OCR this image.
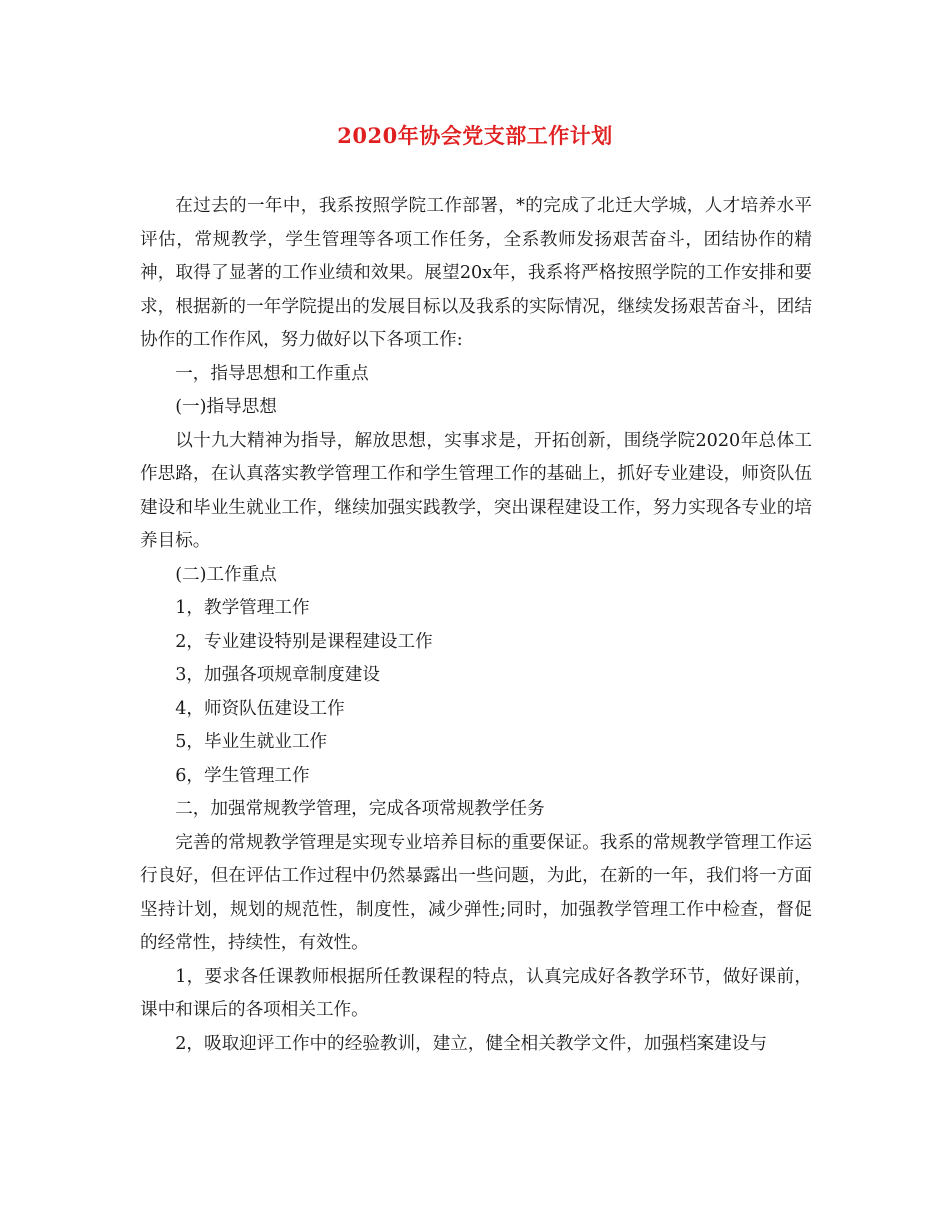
2020年协会党支部工作计划

在过去的一年中，我系按照学院工作部署，*的完成了北迁大学城，人才培养水平评估，常规教学，学生管理等各项工作任务，全系教师发扬艰苦奋斗，团结协作的精神，取得了显著的工作业绩和效果。展望20x年，我系将严格按照学院的工作安排和要求，根据新的一年学院提出的发展目标以及我系的实际情况，继续发扬艰苦奋斗，团结协作的工作作风，努力做好以下各项工作:

一，指导思想和工作重点

(一)指导思想

以十九大精神为指导，解放思想，实事求是，开拓创新，围绕学院2020年总体工作思路，在认真落实教学管理工作和学生管理工作的基础上，抓好专业建设，师资队伍建设和毕业生就业工作，继续加强实践教学，突出课程建设工作，努力实现各专业的培养目标。

(二)工作重点

1，教学管理工作

2，专业建设特别是课程建设工作

3，加强各项规章制度建设

4，师资队伍建设工作

5，毕业生就业工作

6，学生管理工作

二，加强常规教学管理，完成各项常规教学任务

完善的常规教学管理是实现专业培养目标的重要保证。我系的常规教学管理工作运行良好，但在评估工作过程中仍然暴露出一些问题，为此，在新的一年，我们将一方面坚持计划，规划的规范性，制度性，减少弹性;同时，加强教学管理工作中检查，督促的经常性，持续性，有效性。

1，要求各任课教师根据所任教课程的特点，认真完成好各教学环节，做好课前，课中和课后的各项相关工作。

2，吸取迎评工作中的经验教训，建立，健全相关教学文件，加强档案建设与
